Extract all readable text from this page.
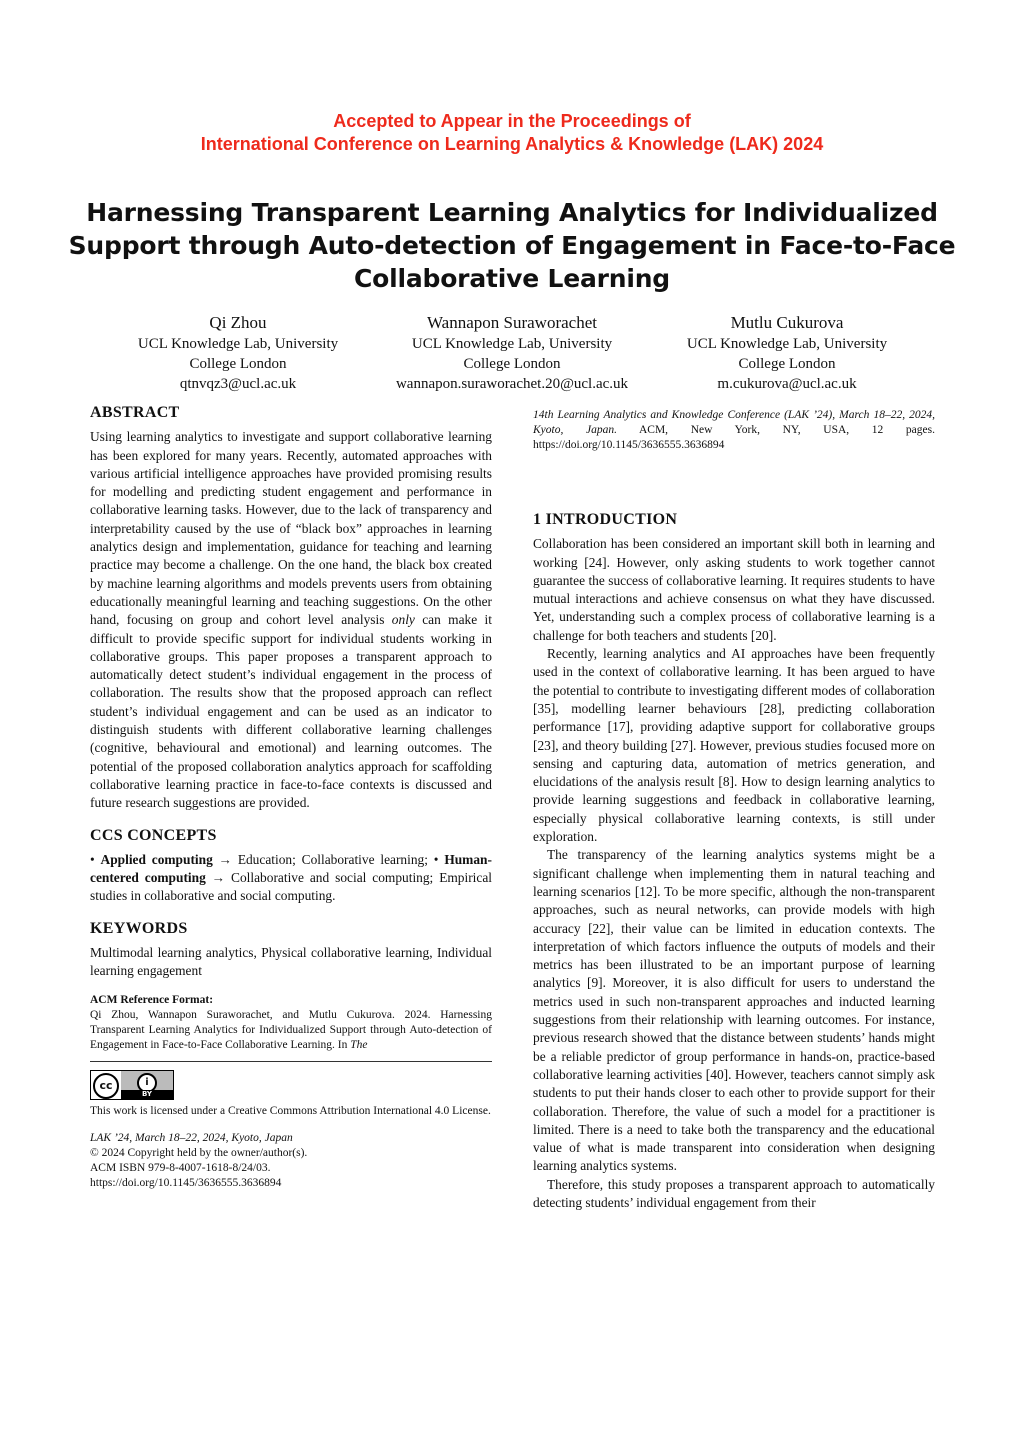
Accepted to Appear in the Proceedings of
International Conference on Learning Analytics & Knowledge (LAK) 2024
Harnessing Transparent Learning Analytics for Individualized Support through Auto-detection of Engagement in Face-to-Face Collaborative Learning
Qi Zhou
UCL Knowledge Lab, University
College London
qtnvqz3@ucl.ac.uk
Wannapon Suraworachet
UCL Knowledge Lab, University
College London
wannapon.suraworachet.20@ucl.ac.uk
Mutlu Cukurova
UCL Knowledge Lab, University
College London
m.cukurova@ucl.ac.uk
ABSTRACT

Using learning analytics to investigate and support collaborative learning has been explored for many years. Recently, automated approaches with various artificial intelligence approaches have provided promising results for modelling and predicting student engagement and performance in collaborative learning tasks. However, due to the lack of transparency and interpretability caused by the use of “black box” approaches in learning analytics design and implementation, guidance for teaching and learning practice may become a challenge. On the one hand, the black box created by machine learning algorithms and models prevents users from obtaining educationally meaningful learning and teaching suggestions. On the other hand, focusing on group and cohort level analysis only can make it difficult to provide specific support for individual students working in collaborative groups. This paper proposes a transparent approach to automatically detect student’s individual engagement in the process of collaboration. The results show that the proposed approach can reflect student’s individual engagement and can be used as an indicator to distinguish students with different collaborative learning challenges (cognitive, behavioural and emotional) and learning outcomes. The potential of the proposed collaboration analytics approach for scaffolding collaborative learning practice in face-to-face contexts is discussed and future research suggestions are provided.

CCS CONCEPTS

• Applied computing → Education; Collaborative learning; • Human-centered computing → Collaborative and social computing; Empirical studies in collaborative and social computing.

KEYWORDS

Multimodal learning analytics, Physical collaborative learning, Individual learning engagement

ACM Reference Format:

Qi Zhou, Wannapon Suraworachet, and Mutlu Cukurova. 2024. Harnessing Transparent Learning Analytics for Individualized Support through Auto-detection of Engagement in Face-to-Face Collaborative Learning. In The

cc	i
BY

This work is licensed under a Creative Commons Attribution International 4.0 License.

LAK ’24, March 18–22, 2024, Kyoto, Japan

© 2024 Copyright held by the owner/author(s).

ACM ISBN 979-8-4007-1618-8/24/03.

https://doi.org/10.1145/3636555.3636894

14th Learning Analytics and Knowledge Conference (LAK ’24), March 18–22, 2024, Kyoto, Japan. ACM, New York, NY, USA, 12 pages. https://doi.org/10.1145/3636555.3636894

1 INTRODUCTION

Collaboration has been considered an important skill both in learning and working [24]. However, only asking students to work together cannot guarantee the success of collaborative learning. It requires students to have mutual interactions and achieve consensus on what they have discussed. Yet, understanding such a complex process of collaborative learning is a challenge for both teachers and students [20].

Recently, learning analytics and AI approaches have been frequently used in the context of collaborative learning. It has been argued to have the potential to contribute to investigating different modes of collaboration [35], modelling learner behaviours [28], predicting collaboration performance [17], providing adaptive support for collaborative groups [23], and theory building [27]. However, previous studies focused more on sensing and capturing data, automation of metrics generation, and elucidations of the analysis result [8]. How to design learning analytics to provide learning suggestions and feedback in collaborative learning, especially physical collaborative learning contexts, is still under exploration.

The transparency of the learning analytics systems might be a significant challenge when implementing them in natural teaching and learning scenarios [12]. To be more specific, although the non-transparent approaches, such as neural networks, can provide models with high accuracy [22], their value can be limited in education contexts. The interpretation of which factors influence the outputs of models and their metrics has been illustrated to be an important purpose of learning analytics [9]. Moreover, it is also difficult for users to understand the metrics used in such non-transparent approaches and inducted learning suggestions from their relationship with learning outcomes. For instance, previous research showed that the distance between students’ hands might be a reliable predictor of group performance in hands-on, practice-based collaborative learning activities [40]. However, teachers cannot simply ask students to put their hands closer to each other to provide support for their collaboration. Therefore, the value of such a model for a practitioner is limited. There is a need to take both the transparency and the educational value of what is made transparent into consideration when designing learning analytics systems.

Therefore, this study proposes a transparent approach to automatically detecting students’ individual engagement from their
